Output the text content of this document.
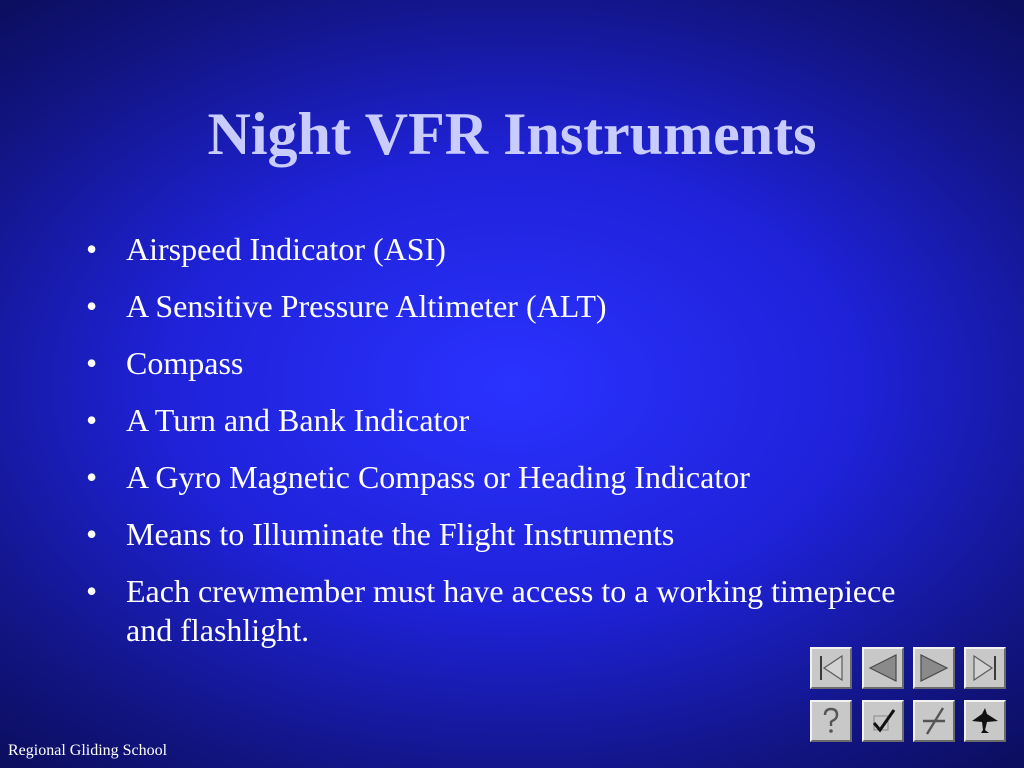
Night VFR Instruments
• Airspeed Indicator (ASI)
• A Sensitive Pressure Altimeter (ALT)
• Compass
• A Turn and Bank Indicator
• A Gyro Magnetic Compass or Heading Indicator
• Means to Illuminate the Flight Instruments
• Each crewmember must have access to a working timepiece and flashlight.
Regional Gliding School
